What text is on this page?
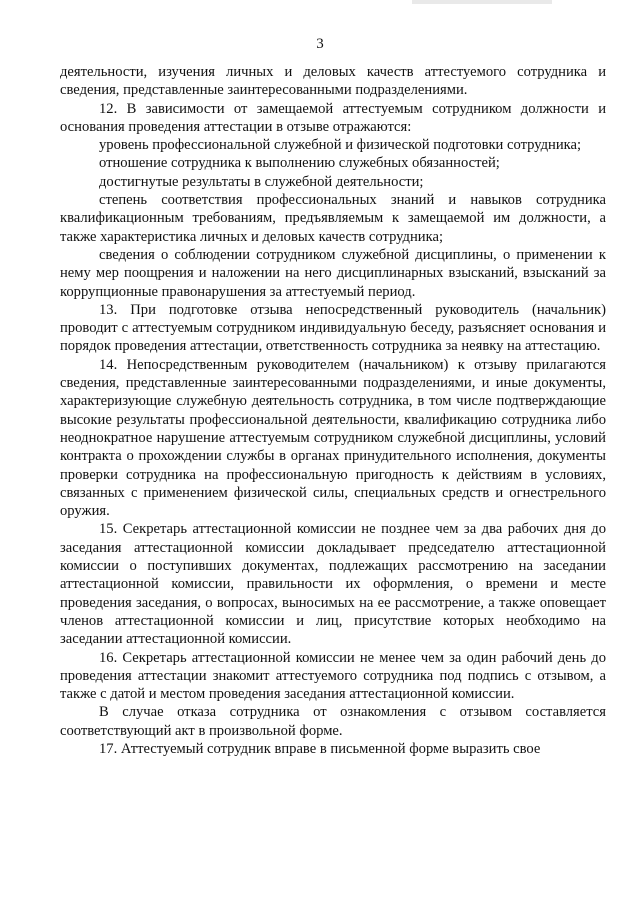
3

деятельности, изучения личных и деловых качеств аттестуемого сотрудника и сведения, представленные заинтересованными подразделениями.

12. В зависимости от замещаемой аттестуемым сотрудником должности и основания проведения аттестации в отзыве отражаются:

уровень профессиональной служебной и физической подготовки сотрудника;

отношение сотрудника к выполнению служебных обязанностей;

достигнутые результаты в служебной деятельности;

степень соответствия профессиональных знаний и навыков сотрудника квалификационным требованиям, предъявляемым к замещаемой им должности, а также характеристика личных и деловых качеств сотрудника;

сведения о соблюдении сотрудником служебной дисциплины, о применении к нему мер поощрения и наложении на него дисциплинарных взысканий, взысканий за коррупционные правонарушения за аттестуемый период.

13. При подготовке отзыва непосредственный руководитель (начальник) проводит с аттестуемым сотрудником индивидуальную беседу, разъясняет основания и порядок проведения аттестации, ответственность сотрудника за неявку на аттестацию.

14. Непосредственным руководителем (начальником) к отзыву прилагаются сведения, представленные заинтересованными подразделениями, и иные документы, характеризующие служебную деятельность сотрудника, в том числе подтверждающие высокие результаты профессиональной деятельности, квалификацию сотрудника либо неоднократное нарушение аттестуемым сотрудником служебной дисциплины, условий контракта о прохождении службы в органах принудительного исполнения, документы проверки сотрудника на профессиональную пригодность к действиям в условиях, связанных с применением физической силы, специальных средств и огнестрельного оружия.

15. Секретарь аттестационной комиссии не позднее чем за два рабочих дня до заседания аттестационной комиссии докладывает председателю аттестационной комиссии о поступивших документах, подлежащих рассмотрению на заседании аттестационной комиссии, правильности их оформления, о времени и месте проведения заседания, о вопросах, выносимых на ее рассмотрение, а также оповещает членов аттестационной комиссии и лиц, присутствие которых необходимо на заседании аттестационной комиссии.

16. Секретарь аттестационной комиссии не менее чем за один рабочий день до проведения аттестации знакомит аттестуемого сотрудника под подпись с отзывом, а также с датой и местом проведения заседания аттестационной комиссии.

В случае отказа сотрудника от ознакомления с отзывом составляется соответствующий акт в произвольной форме.

17. Аттестуемый сотрудник вправе в письменной форме выразить свое
